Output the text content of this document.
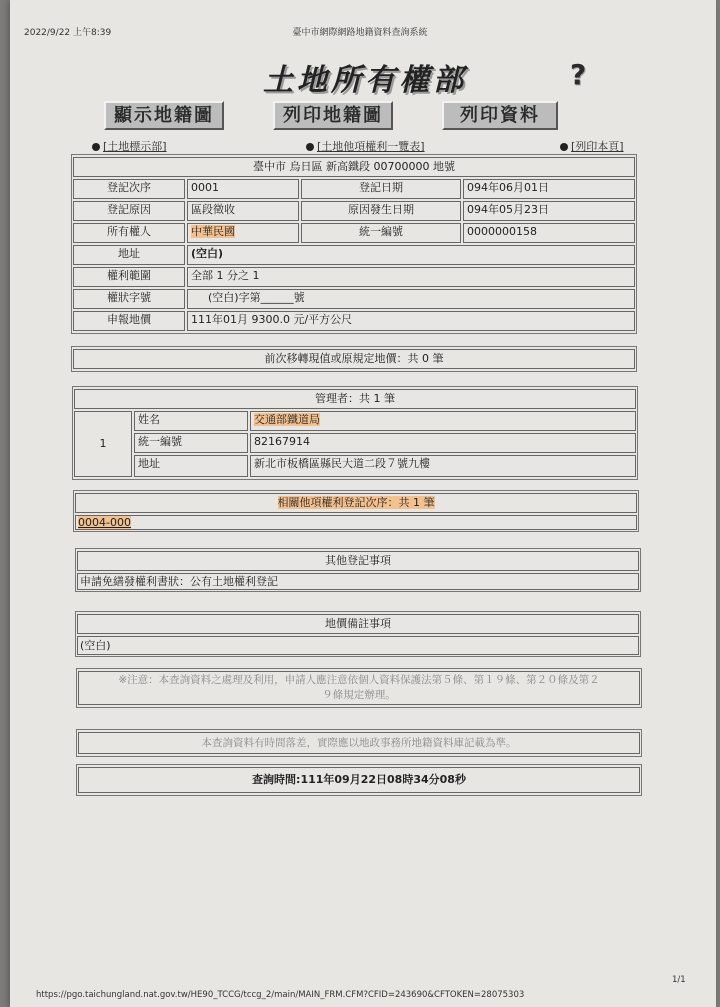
2022/9/22 上午8:39	臺中市網際網路地籍資料查詢系統
土地所有權部	?
顯示地籍圖	列印地籍圖	列印資料
[土地標示部]	[土地他項權利一覽表]	[列印本頁]
臺中市 烏日區 新高鐵段 00700000 地號
登記次序	0001	登記日期	094年06月01日
登記原因	區段徵收	原因發生日期	094年05月23日
所有權人	中華民國	統一編號	0000000158
地址	(空白)
權利範圍	全部 1 分之 1
權狀字號	(空白)字第______號
申報地價	111年01月 9300.0 元/平方公尺
前次移轉現值或原規定地價：共 0 筆
管理者：共 1 筆
1
姓名	交通部鐵道局
統一編號	82167914
地址	新北市板橋區縣民大道二段７號九樓
相關他項權利登記次序：共 1 筆
0004-000
其他登記事項
申請免繕發權利書狀：公有土地權利登記
地價備註事項
(空白)
※注意：本查詢資料之處理及利用，申請人應注意依個人資料保護法第５條、第１９條、第２０條及第２
９條規定辦理。
本查詢資料有時間落差，實際應以地政事務所地籍資料庫記載為準。
查詢時間:111年09月22日08時34分08秒
1/1
https://pgo.taichungland.nat.gov.tw/HE90_TCCG/tccg_2/main/MAIN_FRM.CFM?CFID=243690&CFTOKEN=28075303
